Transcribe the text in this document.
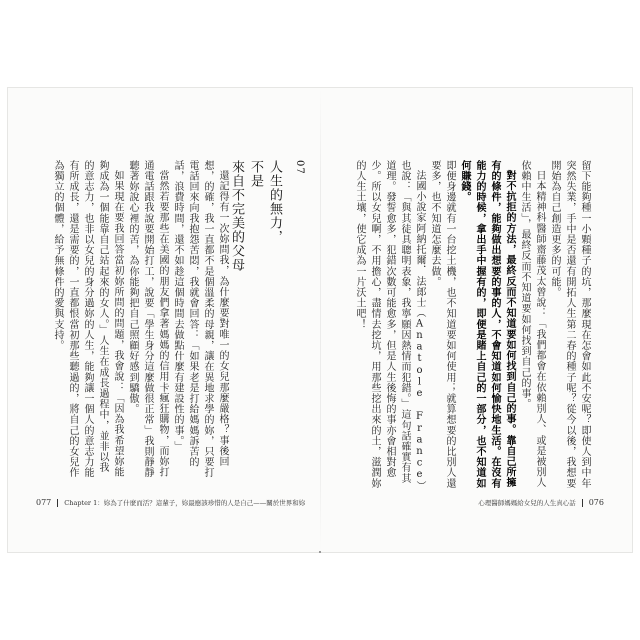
07
人生的無力，
不是
來自不完美的父母

還記得有一次妳問我，為什麼要對唯一的女兒那麼嚴格？事後回想，的確，我一直都不是個溫柔的母親，讓在異地求學的妳，只要打電話回來向我抱怨苦悶，我就會回答：「如果老是打給媽媽訴苦的話，浪費時間，還不如趁這個時間去做點什麼有建設性的事。」

當然若要那些在美國的朋友們拿著媽媽的信用卡瘋狂購物，而妳打通電話跟我說要開始打工，說要「學生身分這麼做很正常」我則靜靜聽著妳說心裡的苦，為你能夠把自己照顧好感到驕傲。

如果現在要我回答當初妳所問的問題，我會說：「因為我希望妳能夠成為一個能靠自己站起來的女人。」人生在成長過程中，並非以我的意志力，也非以女兒的身分過妳的人生，能夠讓一個人的意志力能有所成長，還是需要的，一直都恨當初那些聽過的，將自己的女兒作為獨立的個體，給予無條件的愛與支持。

077 Chapter 1：妳為了什麼而活？這輩子，妳最應該珍惜的人是自己——關於世界和妳

留下能夠種一小顆種子的坑，那麼現在怎會如此不安呢？即使人到中年突然失業，手中是否還有開拓人生第二春的種子呢？從今以後，我想要開始為自己創造更多的可能。

日本精神科醫師齋藤茂太曾說：「我們都會在依賴別人、或是被別人依賴中生活」，最終反而不知道要如何找到自己的事。

對不抗拒的方法，最終反而不知道要如何找到自己的事。靠自己所擁有的條件，能夠做出想要的事的人，不會知道如何愉快地生活。在沒有能力的時候，拿出手中握有的，即便是賭上自己的一部分，也不知道如何賺錢。

即便身邊就有一台挖土機，也不知道要如何使用；就算想要的比別人還要多，也不知道怎麼去做。

法國小說家阿納托爾．法郎士（Anatole France）也說：「與其徒具聰明表象，我寧願因熱情而犯錯。」這句話確實有其道理。發誓愈多，犯錯次數可能愈多，但是人生後悔的事亦會相對愈少。所以女兒啊，不用擔心，盡情去挖坑，用那些挖出來的土，滋潤妳的人生土壤，使它成為一片沃土吧！

心理醫師媽媽給女兒的人生真心話 076
